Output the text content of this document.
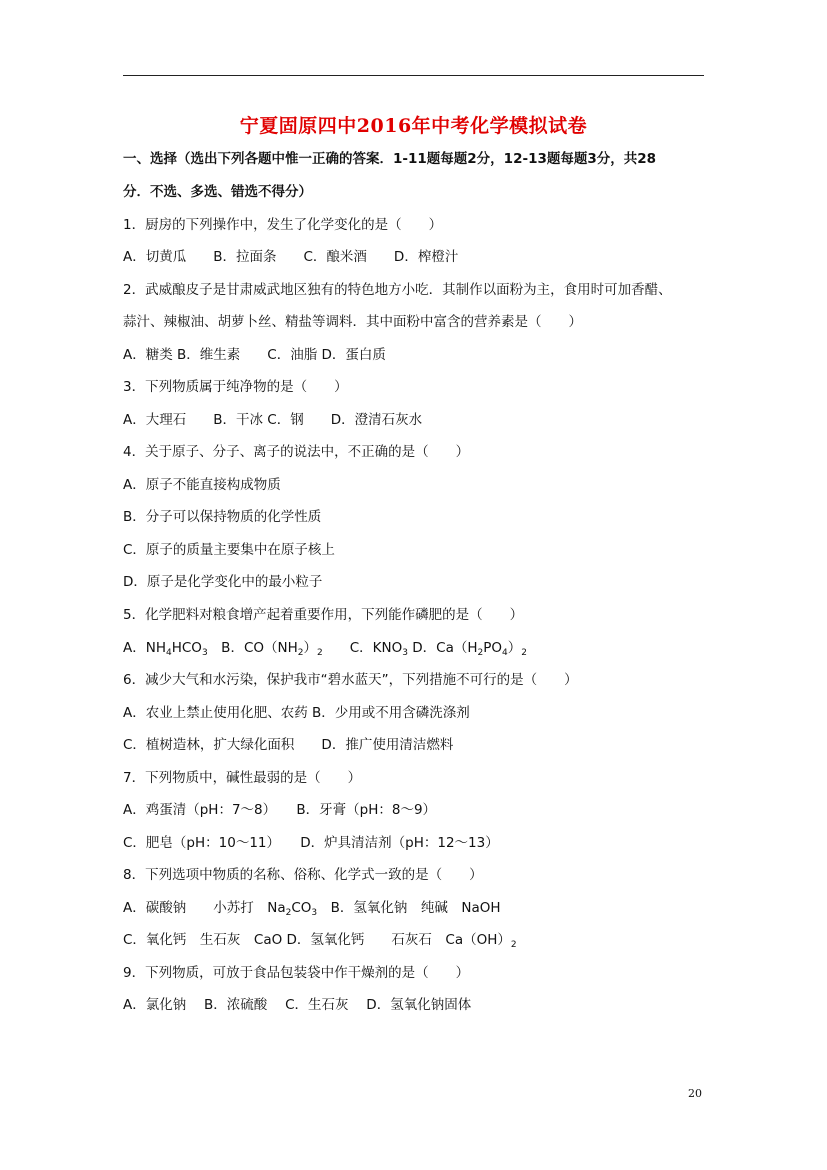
宁夏固原四中2016年中考化学模拟试卷
一、选择（选出下列各题中惟一正确的答案．1-11题每题2分，12-13题每题3分，共28
分．不选、多选、错选不得分）
1．厨房的下列操作中，发生了化学变化的是（　　）
A．切黄瓜　　B．拉面条　　C．酿米酒　　D．榨橙汁
2．武威酿皮子是甘肃威武地区独有的特色地方小吃．其制作以面粉为主，食用时可加香醋、
蒜汁、辣椒油、胡萝卜丝、精盐等调料．其中面粉中富含的营养素是（　　）
A．糖类 B．维生素　　C．油脂 D．蛋白质
3．下列物质属于纯净物的是（　　）
A．大理石　　B．干冰 C．钢　　D．澄清石灰水
4．关于原子、分子、离子的说法中，不正确的是（　　）
A．原子不能直接构成物质
B．分子可以保持物质的化学性质
C．原子的质量主要集中在原子核上
D．原子是化学变化中的最小粒子
5．化学肥料对粮食增产起着重要作用，下列能作磷肥的是（　　）
A．$NH_4HCO_3$　B．$CO(NH_2)_2$　　C．$KNO_3$ D．$Ca(H_2PO_4)_2$
6．减少大气和水污染，保护我市“碧水蓝天”，下列措施不可行的是（　　）
A．农业上禁止使用化肥、农药 B．少用或不用含磷洗涤剂
C．植树造林，扩大绿化面积　　D．推广使用清洁燃料
7．下列物质中，碱性最弱的是（　　）
A．鸡蛋清（pH：7～8）　　B．牙膏（pH：8～9）
C．肥皂（pH：10～11）　　D．炉具清洁剂（pH：12～13）
8．下列选项中物质的名称、俗称、化学式一致的是（　　）
A．碳酸钠　　小苏打　$Na_2CO_3$　B．氢氧化钠　纯碱　NaOH
C．氧化钙　生石灰　CaO D．氢氧化钙　　石灰石　$Ca(OH)_2$
9．下列物质，可放于食品包装袋中作干燥剂的是（　　）
A．氯化钠　 B．浓硫酸　 C．生石灰　 D．氢氧化钠固体
20
